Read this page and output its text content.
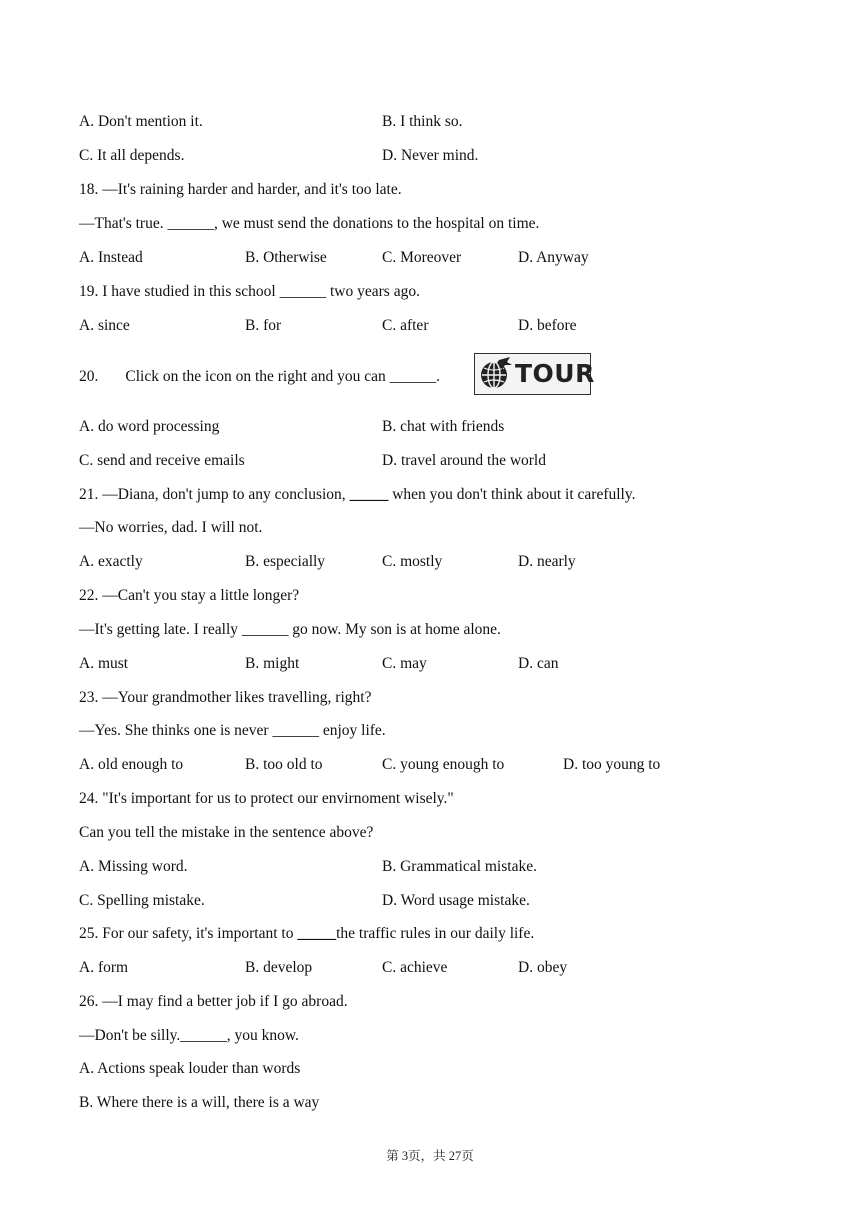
A. Don't mention it.	B. I think so.
C. It all depends.	D. Never mind.
18. —It's raining harder and harder, and it's too late.
—That's true. ______, we must send the donations to the hospital on time.
A. Instead	B. Otherwise	C. Moreover	D. Anyway
19. I have studied in this school ______ two years ago.
A. since	B. for	C. after	D. before
20. Click on the icon on the right and you can ______.	TOUR
A. do word processing	B. chat with friends
C. send and receive emails	D. travel around the world
21. —Diana, don't jump to any conclusion, _____ when you don't think about it carefully.
—No worries, dad. I will not.
A. exactly	B. especially	C. mostly	D. nearly
22. —Can't you stay a little longer?
—It's getting late. I really ______ go now. My son is at home alone.
A. must	B. might	C. may	D. can
23. —Your grandmother likes travelling, right?
—Yes. She thinks one is never ______ enjoy life.
A. old enough to	B. too old to	C. young enough to	D. too young to
24. "It's important for us to protect our envirnoment wisely."
Can you tell the mistake in the sentence above?
A. Missing word.	B. Grammatical mistake.
C. Spelling mistake.	D. Word usage mistake.
25. For our safety, it's important to _____the traffic rules in our daily life.
A. form	B. develop	C. achieve	D. obey
26. —I may find a better job if I go abroad.
—Don't be silly.______, you know.
A. Actions speak louder than words
B. Where there is a will, there is a way
第 3页，共 27页
